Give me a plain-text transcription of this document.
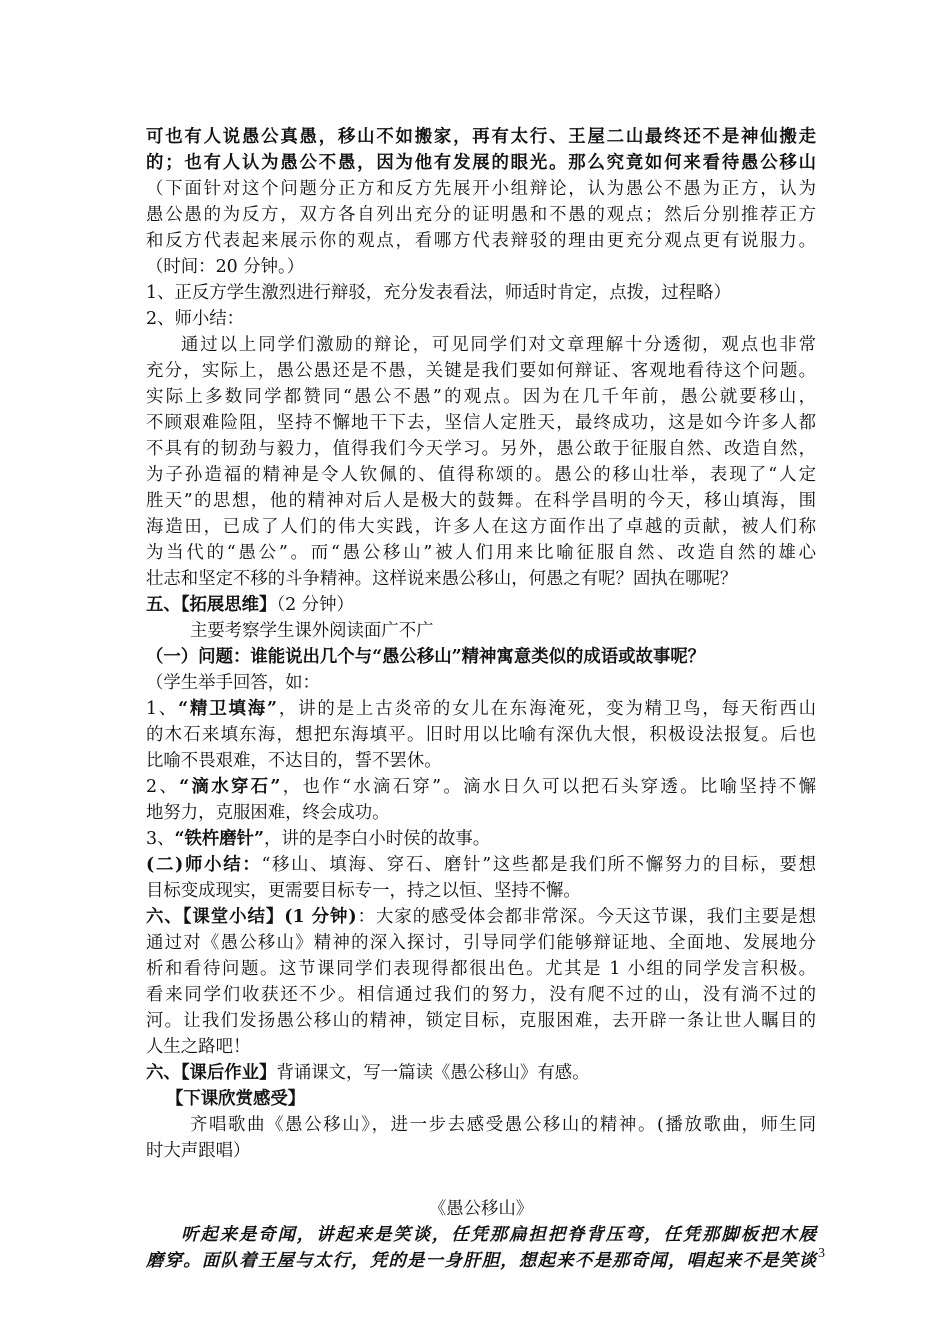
可也有人说愚公真愚，移山不如搬家，再有太行、王屋二山最终还不是神仙搬走
的；也有人认为愚公不愚，因为他有发展的眼光。那么究竟如何来看待愚公移山
（下面针对这个问题分正方和反方先展开小组辩论，认为愚公不愚为正方，认为
愚公愚的为反方，双方各自列出充分的证明愚和不愚的观点；然后分别推荐正方
和反方代表起来展示你的观点，看哪方代表辩驳的理由更充分观点更有说服力。
（时间：20 分钟。）
1、正反方学生激烈进行辩驳，充分发表看法，师适时肯定，点拨，过程略）
2、师小结：
通过以上同学们激励的辩论，可见同学们对文章理解十分透彻，观点也非常
充分，实际上，愚公愚还是不愚，关键是我们要如何辩证、客观地看待这个问题。
实际上多数同学都赞同“愚公不愚”的观点。因为在几千年前，愚公就要移山，
不顾艰难险阻，坚持不懈地干下去，坚信人定胜天，最终成功，这是如今许多人都
不具有的韧劲与毅力，值得我们今天学习。另外，愚公敢于征服自然、改造自然，
为子孙造福的精神是令人钦佩的、值得称颂的。愚公的移山壮举，表现了“人定
胜天”的思想，他的精神对后人是极大的鼓舞。在科学昌明的今天，移山填海，围
海造田，已成了人们的伟大实践，许多人在这方面作出了卓越的贡献，被人们称
为当代的“愚公”。而“愚公移山”被人们用来比喻征服自然、改造自然的雄心
壮志和坚定不移的斗争精神。这样说来愚公移山，何愚之有呢？固执在哪呢？
五、【拓展思维】（2 分钟）
主要考察学生课外阅读面广不广
（一）问题：谁能说出几个与“愚公移山”精神寓意类似的成语或故事呢？
（学生举手回答，如：
1、“精卫填海”，讲的是上古炎帝的女儿在东海淹死，变为精卫鸟，每天衔西山
的木石来填东海，想把东海填平。旧时用以比喻有深仇大恨，积极设法报复。后也
比喻不畏艰难，不达目的，誓不罢休。
2、“滴水穿石”，也作“水滴石穿”。滴水日久可以把石头穿透。比喻坚持不懈
地努力，克服困难，终会成功。
3、“铁杵磨针”，讲的是李白小时侯的故事。
(二)师小结：“移山、填海、穿石、磨针”这些都是我们所不懈努力的目标，要想
目标变成现实，更需要目标专一，持之以恒、坚持不懈。
六、【课堂小结】(1 分钟)：大家的感受体会都非常深。今天这节课，我们主要是想
通过对《愚公移山》精神的深入探讨，引导同学们能够辩证地、全面地、发展地分
析和看待问题。这节课同学们表现得都很出色。尤其是 1 小组的同学发言积极。
看来同学们收获还不少。相信通过我们的努力，没有爬不过的山，没有淌不过的
河。让我们发扬愚公移山的精神，锁定目标，克服困难，去开辟一条让世人瞩目的
人生之路吧！
六、【课后作业】背诵课文，写一篇读《愚公移山》有感。
【下课欣赏感受】
齐唱歌曲《愚公移山》，进一步去感受愚公移山的精神。(播放歌曲，师生同
时大声跟唱）
《愚公移山》
听起来是奇闻，讲起来是笑谈，任凭那扁担把脊背压弯，任凭那脚板把木屐
磨穿。面队着王屋与太行，凭的是一身肝胆，想起来不是那奇闻，唱起来不是笑谈 3
